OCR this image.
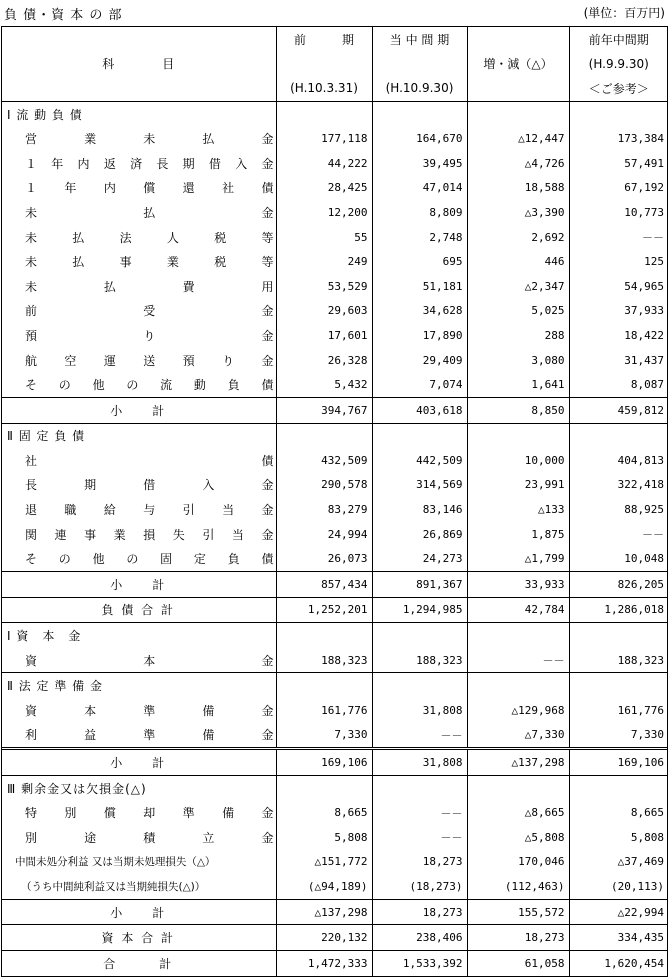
負 債・資 本 の 部	(単位：百万円)
	前　　　期	当 中 間 期		前年中間期
科　　　　目			増・減（△）	(H.9.9.30)
	(H.10.3.31)	(H.10.9.30)		＜ご参考＞
Ⅰ 流 動 負 債				

営業未払金	177,118	164,670	△12,447	173,384

１年内返済長期借入金	44,222	39,495	△4,726	57,491

１年内償還社債	28,425	47,014	18,588	67,192

未払金	12,200	8,809	△3,390	10,773

未払法人税等	55	2,748	2,692	－－

未払事業税等	249	695	446	125

未払費用	53,529	51,181	△2,347	54,965

前受金	29,603	34,628	5,025	37,933

預り金	17,601	17,890	288	18,422

航空運送預り金	26,328	29,409	3,080	31,437

その他の流動負債	5,432	7,074	1,641	8,087
小　　計	394,767	403,618	8,850	459,812
Ⅱ 固 定 負 債				

社債	432,509	442,509	10,000	404,813

長期借入金	290,578	314,569	23,991	322,418

退職給与引当金	83,279	83,146	△133	88,925

関連事業損失引当金	24,994	26,869	1,875	－－

その他の固定負債	26,073	24,273	△1,799	10,048
小　　計	857,434	891,367	33,933	826,205
負 債 合 計	1,252,201	1,294,985	42,784	1,286,018
Ⅰ 資　本　金				

資本金	188,323	188,323	－－	188,323
Ⅱ 法 定 準 備 金				

資本準備金	161,776	31,808	△129,968	161,776

利益準備金	7,330	－－	△7,330	7,330
小　　計	169,106	31,808	△137,298	169,106
Ⅲ 剰余金又は欠損金(△)				

特別償却準備金	8,665	－－	△8,665	8,665

別途積立金	5,808	－－	△5,808	5,808
中間未処分利益 又は当期未処理損失（△）	△151,772	18,273	170,046	△37,469
（うち中間純利益又は当期純損失(△)）	(△94,189)	(18,273)	(112,463)	(20,113)
小　　計	△137,298	18,273	155,572	△22,994
資 本 合 計	220,132	238,406	18,273	334,435
合　　　計	1,472,333	1,533,392	61,058	1,620,454
